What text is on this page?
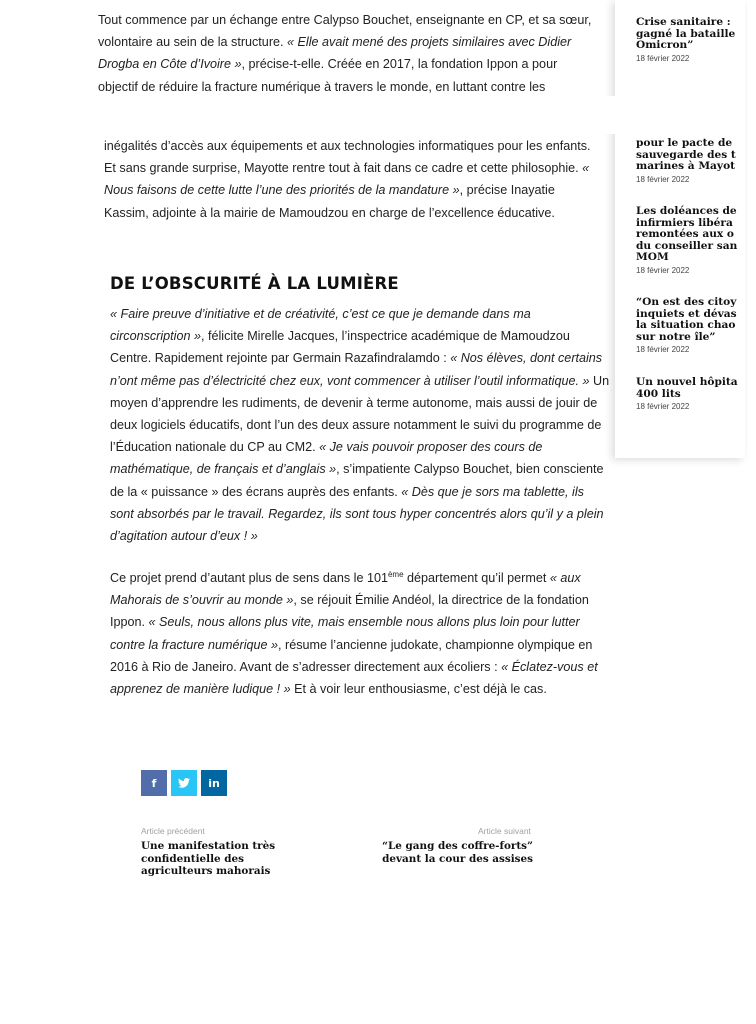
Tout commence par un échange entre Calypso Bouchet, enseignante en CP, et sa sœur, volontaire au sein de la structure. « Elle avait mené des projets similaires avec Didier Drogba en Côte d’Ivoire », précise-t-elle. Créée en 2017, la fondation Ippon a pour objectif de réduire la fracture numérique à travers le monde, en luttant contre les
inégalités d’accès aux équipements et aux technologies informatiques pour les enfants. Et sans grande surprise, Mayotte rentre tout à fait dans ce cadre et cette philosophie. « Nous faisons de cette lutte l’une des priorités de la mandature », précise Inayatie Kassim, adjointe à la mairie de Mamoudzou en charge de l’excellence éducative.
DE L’OBSCURITÉ À LA LUMIÈRE
« Faire preuve d’initiative et de créativité, c’est ce que je demande dans ma circonscription », félicite Mirelle Jacques, l’inspectrice académique de Mamoudzou Centre. Rapidement rejointe par Germain Razafindralamdo : « Nos élèves, dont certains n’ont même pas d’électricité chez eux, vont commencer à utiliser l’outil informatique. » Un moyen d’apprendre les rudiments, de devenir à terme autonome, mais aussi de jouir de deux logiciels éducatifs, dont l’un des deux assure notamment le suivi du programme de l’Éducation nationale du CP au CM2. « Je vais pouvoir proposer des cours de mathématique, de français et d’anglais », s’impatiente Calypso Bouchet, bien consciente de la « puissance » des écrans auprès des enfants. « Dès que je sors ma tablette, ils sont absorbés par le travail. Regardez, ils sont tous hyper concentrés alors qu’il y a plein d’agitation autour d’eux ! »
Ce projet prend d’autant plus de sens dans le 101ème département qu’il permet « aux Mahorais de s’ouvrir au monde », se réjouit Émilie Andéol, la directrice de la fondation Ippon. « Seuls, nous allons plus vite, mais ensemble nous allons plus loin pour lutter contre la fracture numérique », résume l’ancienne judokate, championne olympique en 2016 à Rio de Janeiro. Avant de s’adresser directement aux écoliers : « Éclatez-vous et apprenez de manière ludique ! » Et à voir leur enthousiasme, c’est déjà le cas.
Crise sanitaire :
gagné la bataille
Omicron”
18 février 2022
pour le pacte de
sauvegarde des t
marines à Mayot
18 février 2022
Les doléances de
infirmiers libéra
remontées aux o
du conseiller san
MOM
18 février 2022
“On est des citoy
inquiets et dévas
la situation chao
sur notre île”
18 février 2022
Un nouvel hôpita
400 lits
18 février 2022
f	in
Article précédent
Une manifestation très confidentielle des agriculteurs mahorais
Article suivant
“Le gang des coffre-forts” devant la cour des assises
